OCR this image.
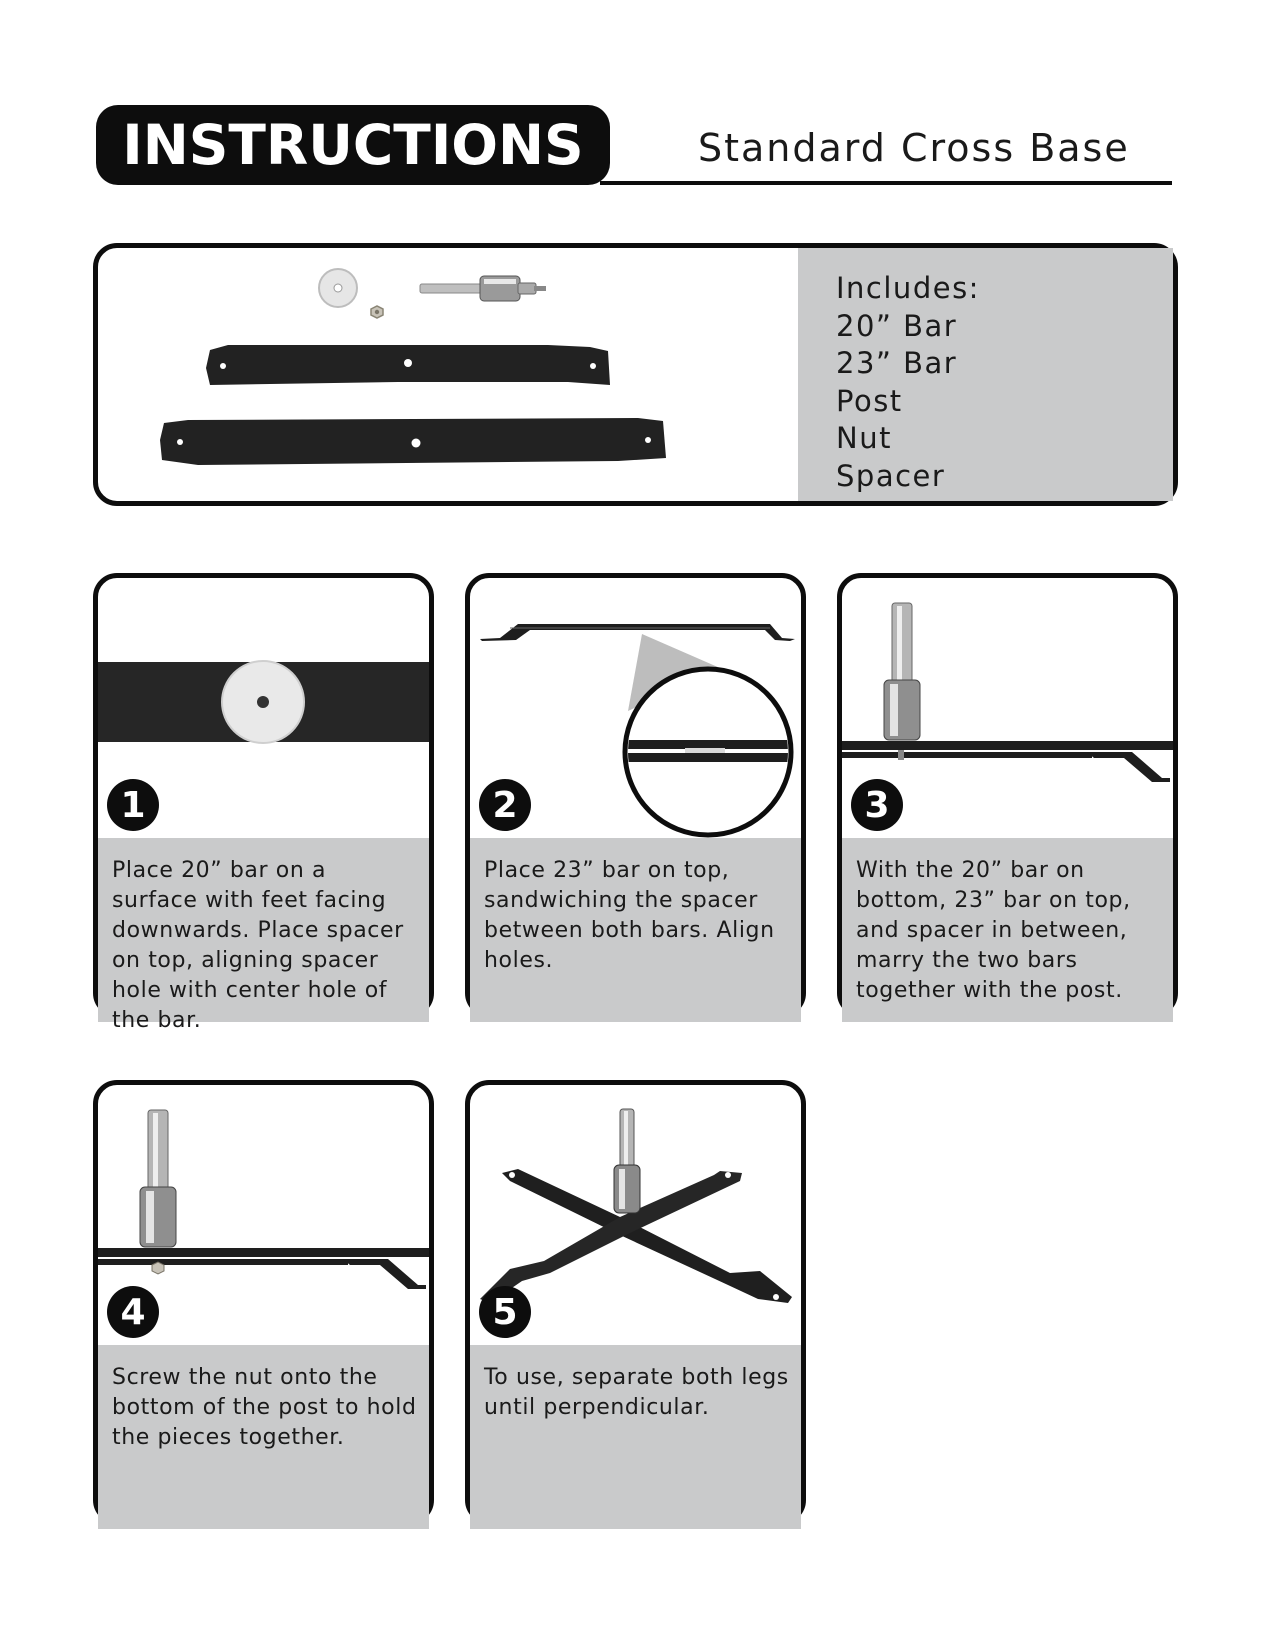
INSTRUCTIONS	Standard Cross Base
Includes:
20” Bar
23” Bar
Post
Nut
Spacer
1

Place 20” bar on a surface with feet facing downwards. Place spacer on top, aligning spacer hole with center hole of the bar.

2

Place 23” bar on top, sandwiching the spacer between both bars. Align holes.

3

With the 20” bar on bottom, 23” bar on top, and spacer in between, marry the two bars together with the post.

4

Screw the nut onto the bottom of the post to hold the pieces together.

5

To use, separate both legs until perpendicular.
